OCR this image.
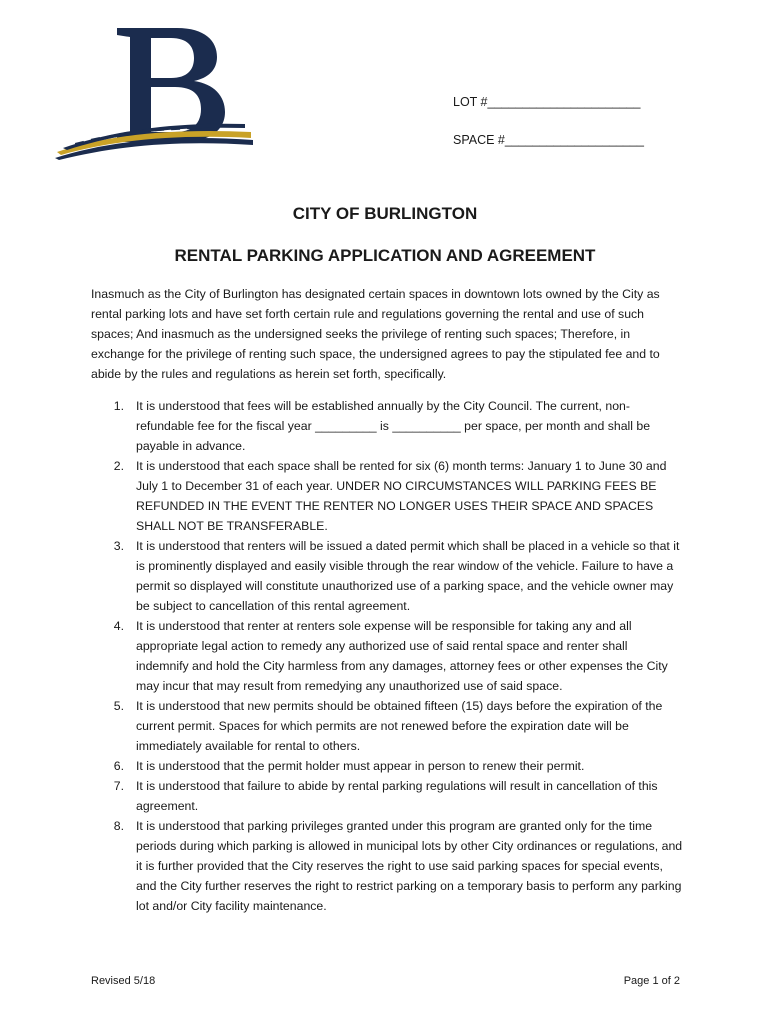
LOT #______________________
SPACE #____________________
CITY OF BURLINGTON
RENTAL PARKING APPLICATION AND AGREEMENT

Inasmuch as the City of Burlington has designated certain spaces in downtown lots owned by the City as rental parking lots and have set forth certain rule and regulations governing the rental and use of such spaces; And inasmuch as the undersigned seeks the privilege of renting such spaces; Therefore, in exchange for the privilege of renting such space, the undersigned agrees to pay the stipulated fee and to abide by the rules and regulations as herein set forth, specifically.

1. It is understood that fees will be established annually by the City Council. The current, non-refundable fee for the fiscal year _________ is __________ per space, per month and shall be payable in advance.
2. It is understood that each space shall be rented for six (6) month terms: January 1 to June 30 and July 1 to December 31 of each year. UNDER NO CIRCUMSTANCES WILL PARKING FEES BE REFUNDED IN THE EVENT THE RENTER NO LONGER USES THEIR SPACE AND SPACES SHALL NOT BE TRANSFERABLE.
3. It is understood that renters will be issued a dated permit which shall be placed in a vehicle so that it is prominently displayed and easily visible through the rear window of the vehicle. Failure to have a permit so displayed will constitute unauthorized use of a parking space, and the vehicle owner may be subject to cancellation of this rental agreement.
4. It is understood that renter at renters sole expense will be responsible for taking any and all appropriate legal action to remedy any authorized use of said rental space and renter shall indemnify and hold the City harmless from any damages, attorney fees or other expenses the City may incur that may result from remedying any unauthorized use of said space.
5. It is understood that new permits should be obtained fifteen (15) days before the expiration of the current permit. Spaces for which permits are not renewed before the expiration date will be immediately available for rental to others.
6. It is understood that the permit holder must appear in person to renew their permit.
7. It is understood that failure to abide by rental parking regulations will result in cancellation of this agreement.
8. It is understood that parking privileges granted under this program are granted only for the time periods during which parking is allowed in municipal lots by other City ordinances or regulations, and it is further provided that the City reserves the right to use said parking spaces for special events, and the City further reserves the right to restrict parking on a temporary basis to perform any parking lot and/or City facility maintenance.
Revised 5/18	Page 1 of 2
